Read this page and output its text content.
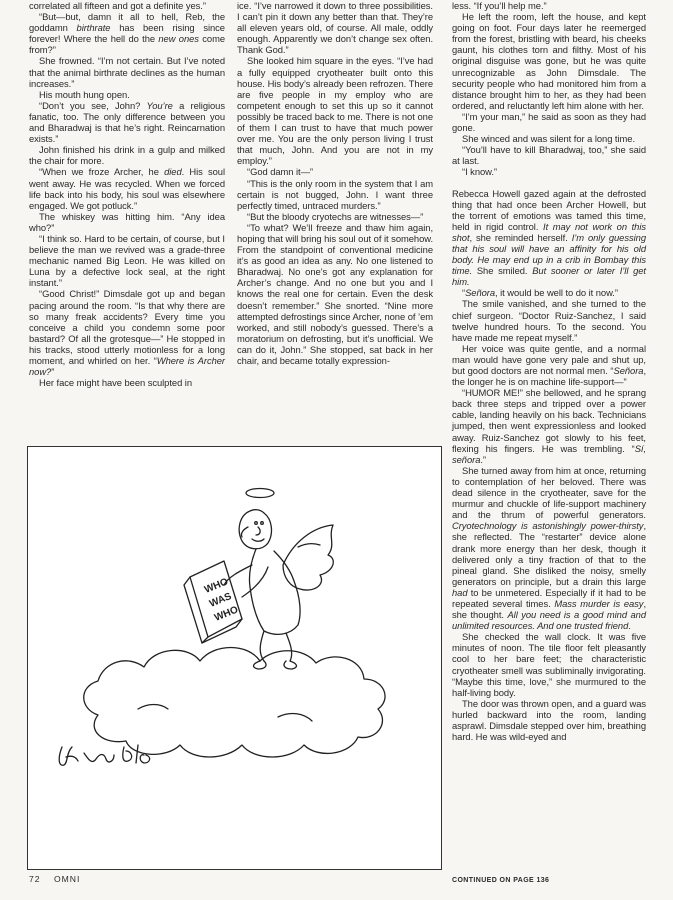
correlated all fifteen and got a definite yes.”

“But—but, damn it all to hell, Reb, the goddamn birthrate has been rising since forever! Where the hell do the new ones come from?”

She frowned. “I’m not certain. But I’ve noted that the animal birthrate declines as the human increases.”

His mouth hung open.

“Don’t you see, John? You’re a religious fanatic, too. The only difference between you and Bharadwaj is that he’s right. Reincarnation exists.”

John finished his drink in a gulp and milked the chair for more.

“When we froze Archer, he died. His soul went away. He was recycled. When we forced life back into his body, his soul was elsewhere engaged. We got potluck.”

The whiskey was hitting him. “Any idea who?”

“I think so. Hard to be certain, of course, but I believe the man we revived was a grade-three mechanic named Big Leon. He was killed on Luna by a defective lock seal, at the right instant.”

“Good Christ!” Dimsdale got up and began pacing around the room. “Is that why there are so many freak accidents? Every time you conceive a child you condemn some poor bastard? Of all the grotesque—” He stopped in his tracks, stood utterly motionless for a long moment, and whirled on her. “Where is Archer now?”

Her face might have been sculpted in

ice. “I’ve narrowed it down to three possibilities. I can’t pin it down any better than that. They’re all eleven years old, of course. All male, oddly enough. Apparently we don’t change sex often. Thank God.”

She looked him square in the eyes. “I’ve had a fully equipped cryotheater built onto this house. His body’s already been refrozen. There are five people in my employ who are competent enough to set this up so it cannot possibly be traced back to me. There is not one of them I can trust to have that much power over me. You are the only person living I trust that much, John. And you are not in my employ.”

“God damn it—”

“This is the only room in the system that I am certain is not bugged, John. I want three perfectly timed, untraced murders.”

“But the bloody cryotechs are witnesses—”

“To what? We’ll freeze and thaw him again, hoping that will bring his soul out of it somehow. From the standpoint of conventional medicine it’s as good an idea as any. No one listened to Bharadwaj. No one’s got any explanation for Archer’s change. And no one but you and I knows the real one for certain. Even the desk doesn’t remember.” She snorted. “Nine more attempted defrostings since Archer, none of ’em worked, and still nobody’s guessed. There’s a moratorium on defrosting, but it’s unofficial. We can do it, John.” She stopped, sat back in her chair, and became totally expression-

less. “If you’ll help me.”

He left the room, left the house, and kept going on foot. Four days later he reemerged from the forest, bristling with beard, his cheeks gaunt, his clothes torn and filthy. Most of his original disguise was gone, but he was quite unrecognizable as John Dimsdale. The security people who had monitored him from a distance brought him to her, as they had been ordered, and reluctantly left him alone with her.

“I’m your man,” he said as soon as they had gone.

She winced and was silent for a long time.

“You’ll have to kill Bharadwaj, too,” she said at last.

“I know.”

Rebecca Howell gazed again at the defrosted thing that had once been Archer Howell, but the torrent of emotions was tamed this time, held in rigid control. It may not work on this shot, she reminded herself. I’m only guessing that his soul will have an affinity for his old body. He may end up in a crib in Bombay this time. She smiled. But sooner or later I’ll get him.

“Señora, it would be well to do it now.”

The smile vanished, and she turned to the chief surgeon. “Doctor Ruiz-Sanchez, I said twelve hundred hours. To the second. You have made me repeat myself.”

Her voice was quite gentle, and a normal man would have gone very pale and shut up, but good doctors are not normal men. “Señora, the longer he is on machine life-support—”

“HUMOR ME!” she bellowed, and he sprang back three steps and tripped over a power cable, landing heavily on his back. Technicians jumped, then went expressionless and looked away. Ruiz-Sanchez got slowly to his feet, flexing his fingers. He was trembling. “Sí, señora.”

She turned away from him at once, returning to contemplation of her beloved. There was dead silence in the cryotheater, save for the murmur and chuckle of life-support machinery and the thrum of powerful generators. Cryotechnology is astonishingly power-thirsty, she reflected. The “restarter” device alone drank more energy than her desk, though it delivered only a tiny fraction of that to the pineal gland. She disliked the noisy, smelly generators on principle, but a drain this large had to be unmetered. Especially if it had to be repeated several times. Mass murder is easy, she thought. All you need is a good mind and unlimited resources. And one trusted friend.

She checked the wall clock. It was five minutes of noon. The tile floor felt pleasantly cool to her bare feet; the characteristic cryotheater smell was subliminally invigorating. “Maybe this time, love,” she murmured to the half-living body.

The door was thrown open, and a guard was hurled backward into the room, landing asprawl. Dimsdale stepped over him, breathing hard. He was wild-eyed and

WHO
WAS
WHO
72 OMNI	CONTINUED ON PAGE 136
